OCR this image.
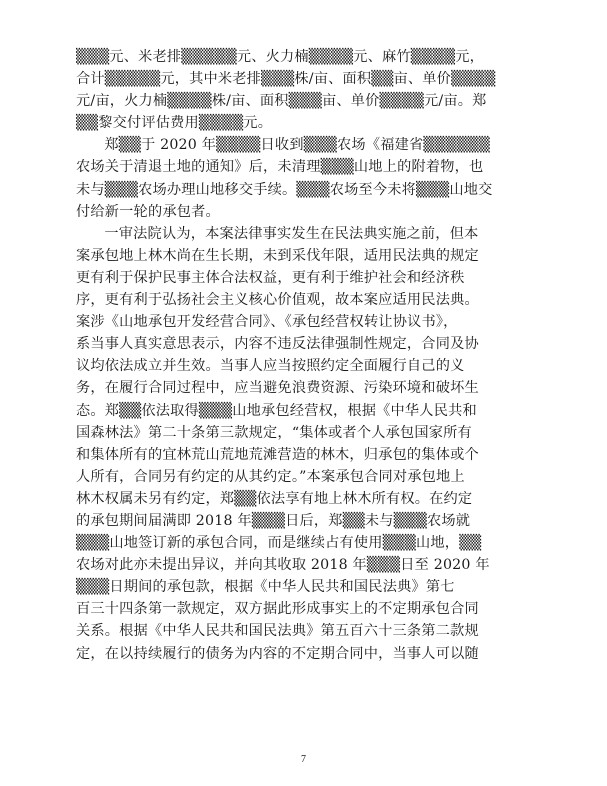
▒▒▒元、米老排▒▒▒▒▒元、火力楠▒▒▒▒元、麻竹▒▒▒▒元，
合计▒▒▒▒▒元，其中米老排▒▒▒株/亩、面积▒▒亩、单价▒▒▒▒
元/亩，火力楠▒▒▒▒株/亩、面积▒▒▒亩、单价▒▒▒▒元/亩。郑
▒▒黎交付评估费用▒▒▒▒元。

郑▒▒于 2020 年▒▒▒▒日收到▒▒▒农场《福建省▒▒▒▒▒▒
农场关于清退土地的通知》后，未清理▒▒▒山地上的附着物，也
未与▒▒▒农场办理山地移交手续。▒▒▒农场至今未将▒▒▒山地交
付给新一轮的承包者。

一审法院认为，本案法律事实发生在民法典实施之前，但本
案承包地上林木尚在生长期，未到采伐年限，适用民法典的规定
更有利于保护民事主体合法权益，更有利于维护社会和经济秩
序，更有利于弘扬社会主义核心价值观，故本案应适用民法典。
案涉《山地承包开发经营合同》、《承包经营权转让协议书》，
系当事人真实意思表示，内容不违反法律强制性规定，合同及协
议均依法成立并生效。当事人应当按照约定全面履行自己的义
务，在履行合同过程中，应当避免浪费资源、污染环境和破坏生
态。郑▒▒依法取得▒▒▒山地承包经营权，根据《中华人民共和
国森林法》第二十条第三款规定，“集体或者个人承包国家所有
和集体所有的宜林荒山荒地荒滩营造的林木，归承包的集体或个
人所有，合同另有约定的从其约定。”本案承包合同对承包地上
林木权属未另有约定，郑▒▒依法享有地上林木所有权。在约定
的承包期间届满即 2018 年▒▒▒日后，郑▒▒未与▒▒▒农场就
▒▒▒山地签订新的承包合同，而是继续占有使用▒▒▒山地，▒▒
农场对此亦未提出异议，并向其收取 2018 年▒▒▒日至 2020 年
▒▒▒日期间的承包款，根据《中华人民共和国民法典》第七
百三十四条第一款规定，双方据此形成事实上的不定期承包合同
关系。根据《中华人民共和国民法典》第五百六十三条第二款规
定，在以持续履行的债务为内容的不定期合同中，当事人可以随

7
